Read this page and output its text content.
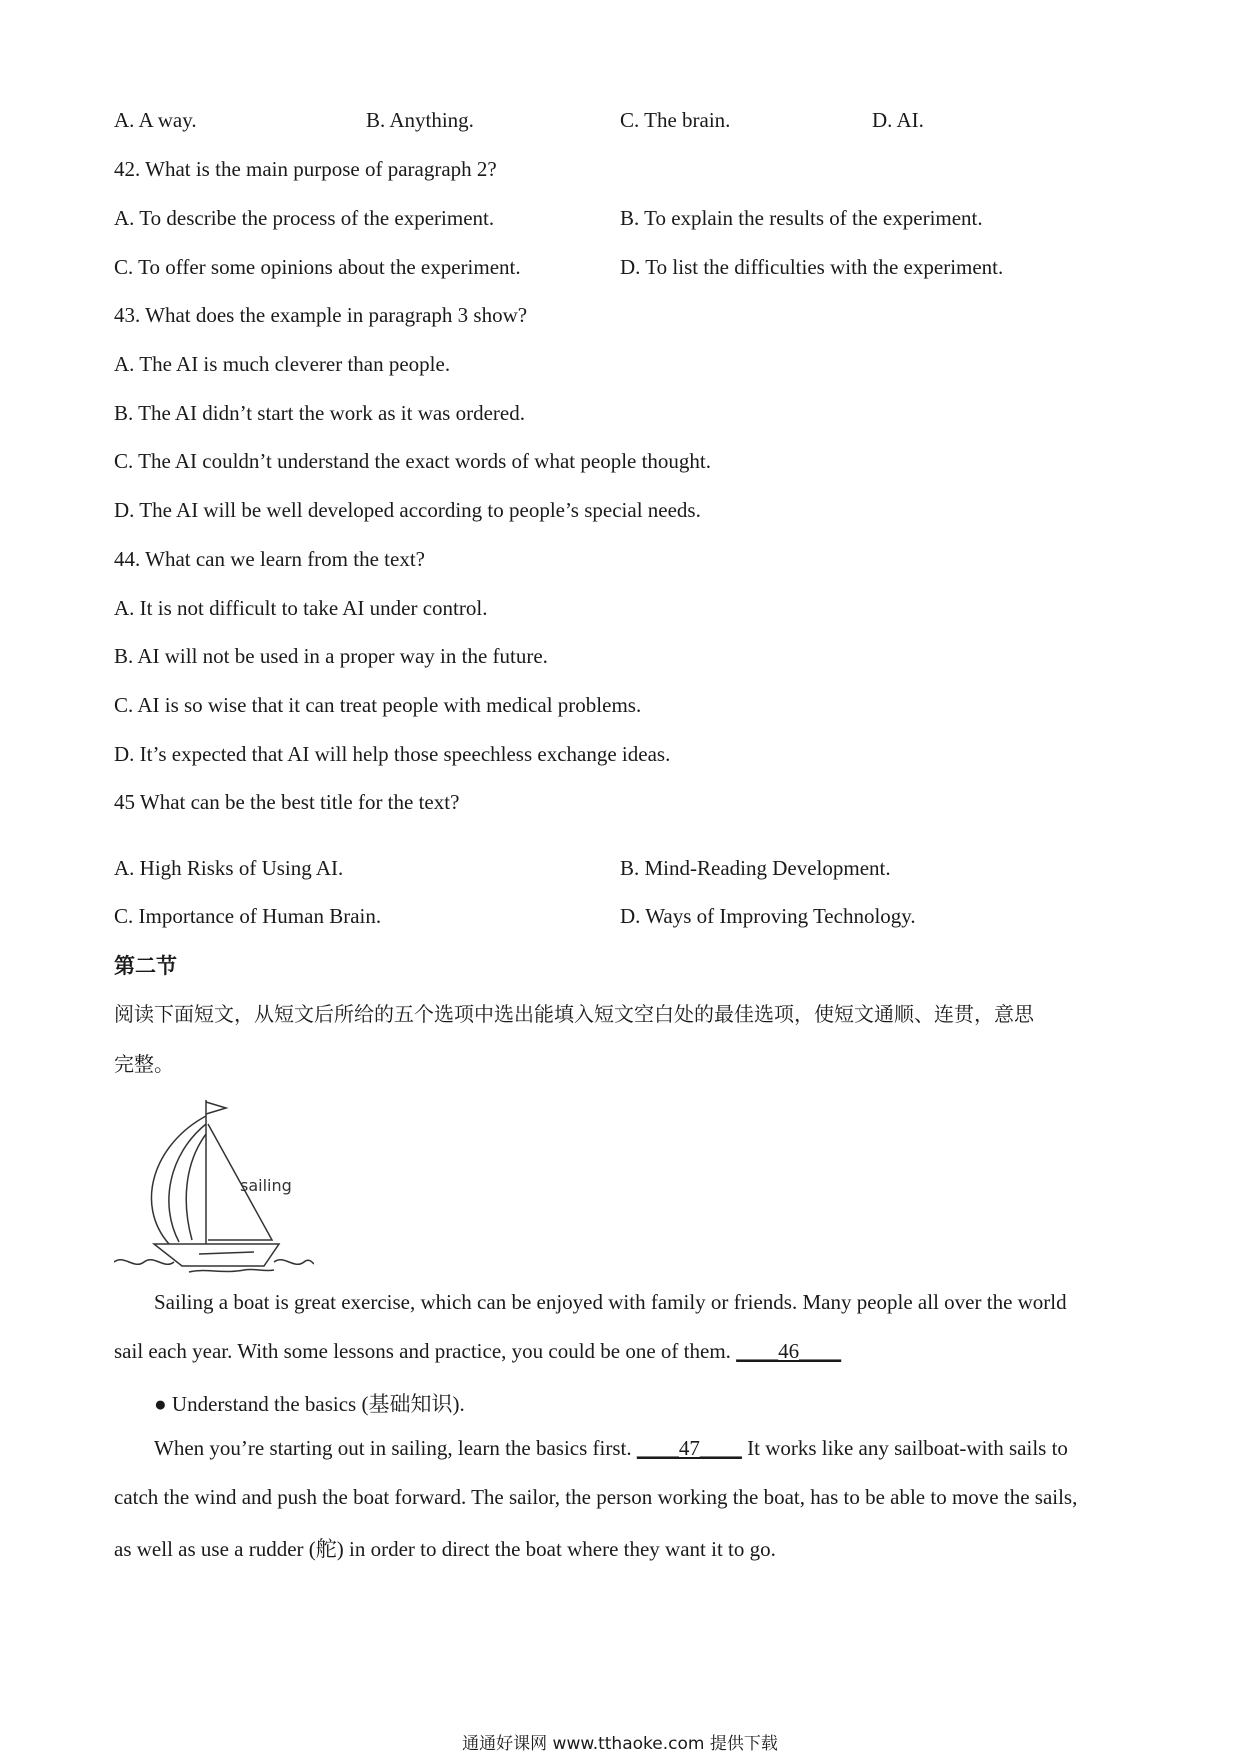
A. A way.	B. Anything.	C. The brain.	D. AI.
42. What is the main purpose of paragraph 2?
A. To describe the process of the experiment.	B. To explain the results of the experiment.
C. To offer some opinions about the experiment.	D. To list the difficulties with the experiment.
43. What does the example in paragraph 3 show?
A. The AI is much cleverer than people.
B. The AI didn’t start the work as it was ordered.
C. The AI couldn’t understand the exact words of what people thought.
D. The AI will be well developed according to people’s special needs.
44. What can we learn from the text?
A. It is not difficult to take AI under control.
B. AI will not be used in a proper way in the future.
C. AI is so wise that it can treat people with medical problems.
D. It’s expected that AI will help those speechless exchange ideas.
45 What can be the best title for the text?
A. High Risks of Using AI.	B. Mind-Reading Development.
C. Importance of Human Brain.	D. Ways of Improving Technology.
第二节
阅读下面短文，从短文后所给的五个选项中选出能填入短文空白处的最佳选项，使短文通顺、连贯，意思
完整。
sailing
Sailing a boat is great exercise, which can be enjoyed with family or friends. Many people all over the world
sail each year. With some lessons and practice, you could be one of them. ____46____
● Understand the basics (基础知识).
When you’re starting out in sailing, learn the basics first. ____47____ It works like any sailboat-with sails to
catch the wind and push the boat forward. The sailor, the person working the boat, has to be able to move the sails,
as well as use a rudder (舵) in order to direct the boat where they want it to go.
通通好课网 www.tthaoke.com 提供下载
